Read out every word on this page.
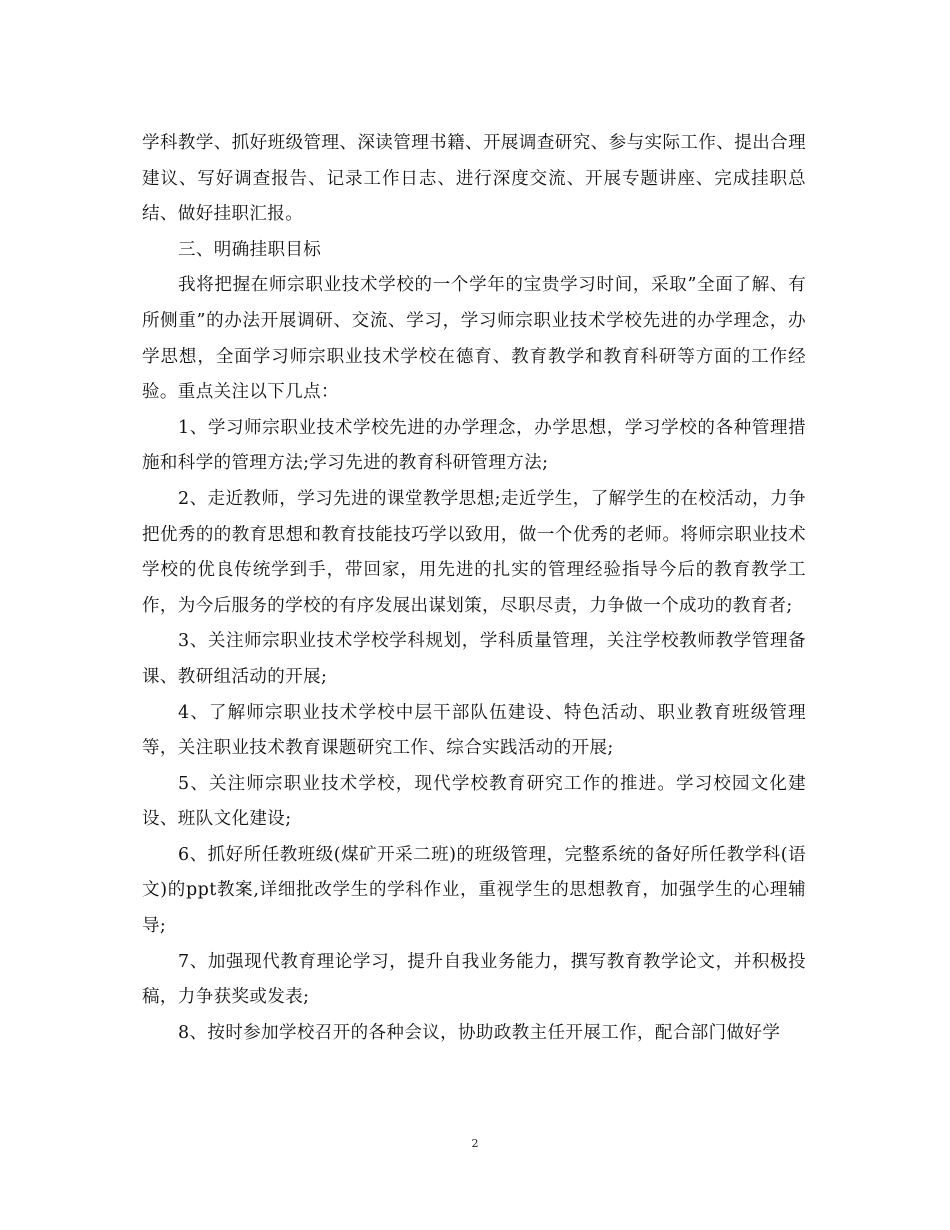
学科教学、抓好班级管理、深读管理书籍、开展调查研究、参与实际工作、提出合理建议、写好调查报告、记录工作日志、进行深度交流、开展专题讲座、完成挂职总结、做好挂职汇报。

三、明确挂职目标

我将把握在师宗职业技术学校的一个学年的宝贵学习时间，采取”全面了解、有所侧重”的办法开展调研、交流、学习，学习师宗职业技术学校先进的办学理念，办学思想，全面学习师宗职业技术学校在德育、教育教学和教育科研等方面的工作经验。重点关注以下几点：

1、学习师宗职业技术学校先进的办学理念，办学思想，学习学校的各种管理措施和科学的管理方法;学习先进的教育科研管理方法;

2、走近教师，学习先进的课堂教学思想;走近学生，了解学生的在校活动，力争把优秀的的教育思想和教育技能技巧学以致用，做一个优秀的老师。将师宗职业技术学校的优良传统学到手，带回家，用先进的扎实的管理经验指导今后的教育教学工作，为今后服务的学校的有序发展出谋划策，尽职尽责，力争做一个成功的教育者;

3、关注师宗职业技术学校学科规划，学科质量管理，关注学校教师教学管理备课、教研组活动的开展;

4、了解师宗职业技术学校中层干部队伍建设、特色活动、职业教育班级管理等，关注职业技术教育课题研究工作、综合实践活动的开展;

5、关注师宗职业技术学校，现代学校教育研究工作的推进。学习校园文化建设、班队文化建设;

6、抓好所任教班级(煤矿开采二班)的班级管理，完整系统的备好所任教学科(语文)的ppt教案,详细批改学生的学科作业，重视学生的思想教育，加强学生的心理辅导;

7、加强现代教育理论学习，提升自我业务能力，撰写教育教学论文，并积极投稿，力争获奖或发表;

8、按时参加学校召开的各种会议，协助政教主任开展工作，配合部门做好学

2
